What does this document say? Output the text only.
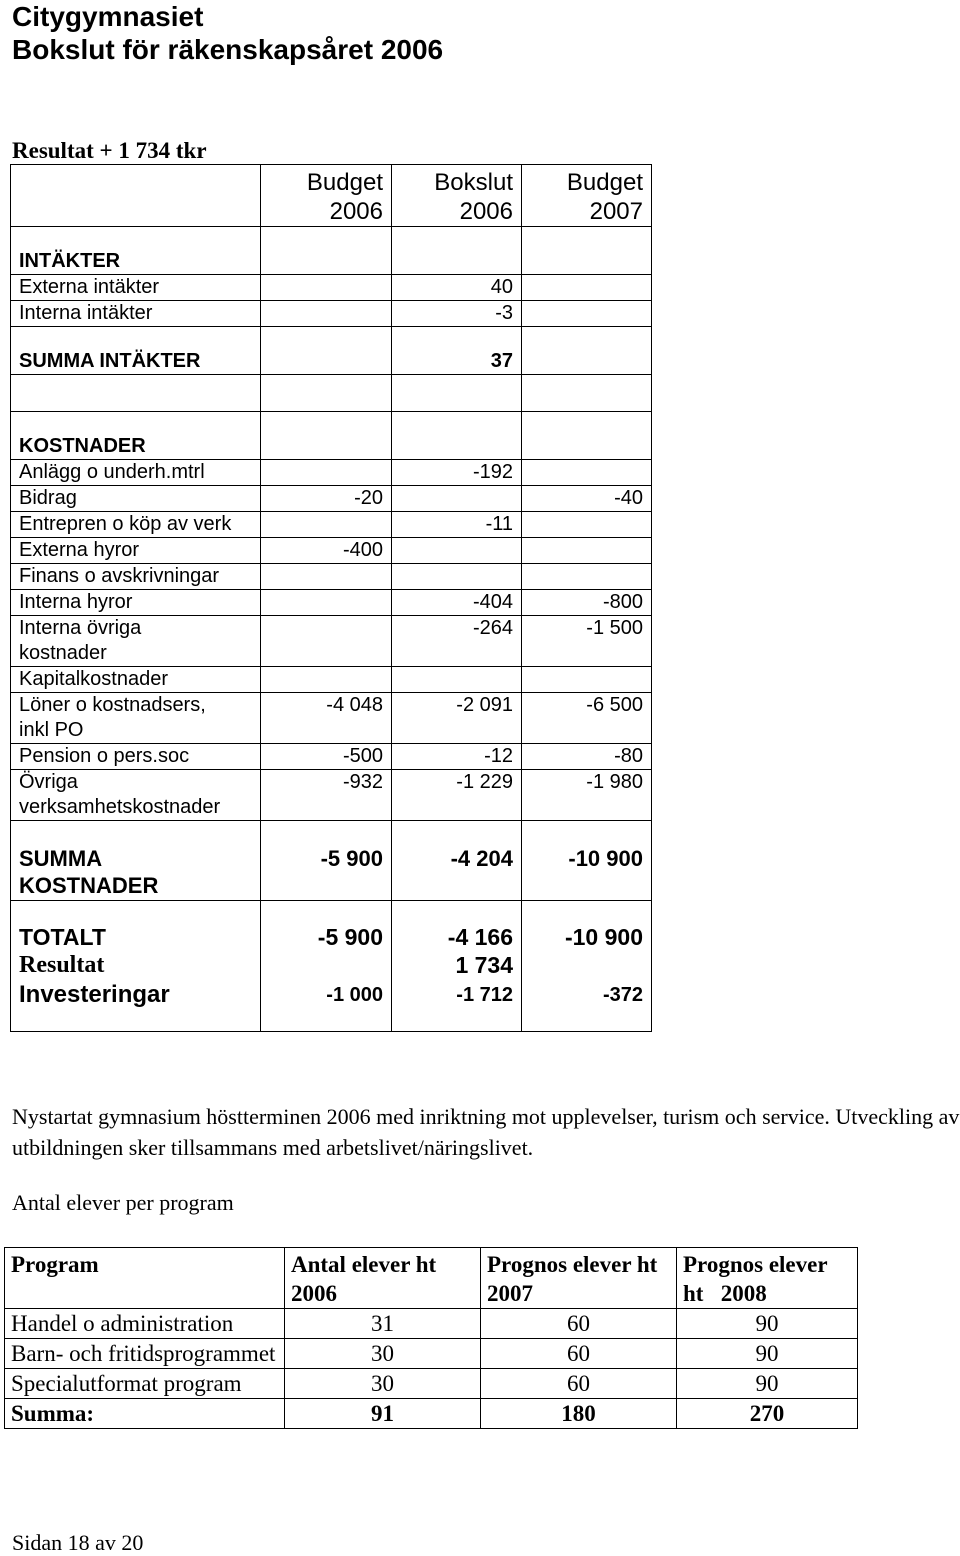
Citygymnasiet
Bokslut för räkenskapsåret 2006
Resultat + 1 734 tkr
	Budget 2006	Bokslut 2006	Budget 2007

INTÄKTER			
Externa intäkter		40	
Interna intäkter		-3	

SUMMA INTÄKTER		37	

KOSTNADER			
Anlägg o underh.mtrl		-192	
Bidrag	-20		-40
Entrepren o köp av verk		-11	
Externa hyror	-400		
Finans o avskrivningar			
Interna hyror		-404	-800
Interna övriga kostnader		-264	-1 500
Kapitalkostnader			
Löner o kostnadsers, inkl PO	-4 048	-2 091	-6 500
Pension o pers.soc	-500	-12	-80
Övriga verksamhetskostnader	-932	-1 229	-1 980

SUMMA KOSTNADER	-5 900	-4 204	-10 900

TOTALT	-5 900	-4 166	-10 900
Resultat		1 734	
Investeringar	-1 000	-1 712	-372
Nystartat gymnasium höstterminen 2006 med inriktning mot upplevelser, turism och service. Utveckling av utbildningen sker tillsammans med arbetslivet/näringslivet.
Antal elever per program
Program	Antal elever ht 2006	Prognos elever ht   2007	Prognos elever ht   2008
Handel o administration	31	60	90
Barn- och fritidsprogrammet	30	60	90
Specialutformat program	30	60	90
Summa:	91	180	270
Sidan 18 av 20
